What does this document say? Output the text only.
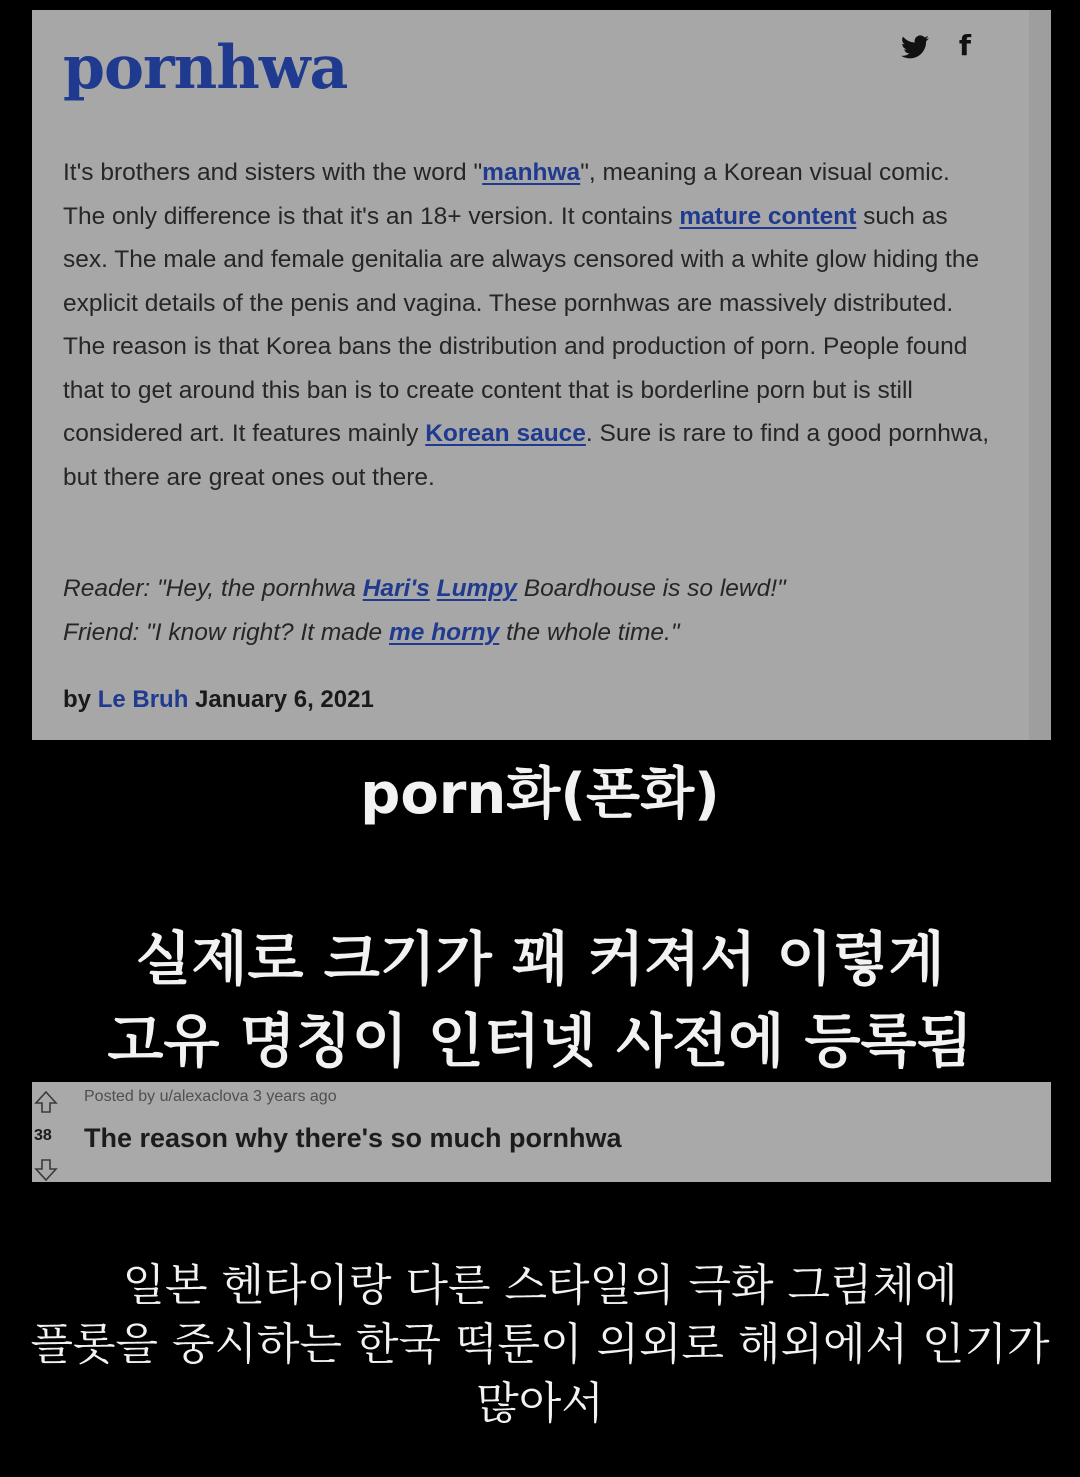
pornhwa	f
It's brothers and sisters with the word "manhwa", meaning a Korean visual comic. The only difference is that it's an 18+ version. It contains mature content such as sex. The male and female genitalia are always censored with a white glow hiding the explicit details of the penis and vagina. These pornhwas are massively distributed. The reason is that Korea bans the distribution and production of porn. People found that to get around this ban is to create content that is borderline porn but is still considered art. It features mainly Korean sauce. Sure is rare to find a good pornhwa, but there are great ones out there.
Reader: "Hey, the pornhwa Hari's Lumpy Boardhouse is so lewd!"
Friend: "I know right? It made me horny the whole time."
by Le Bruh January 6, 2021
porn화(폰화)
실제로 크기가 꽤 커져서 이렇게
고유 명칭이 인터넷 사전에 등록됨
38
Posted by u/alexaclova 3 years ago
The reason why there's so much pornhwa
일본 헨타이랑 다른 스타일의 극화 그림체에
플롯을 중시하는 한국 떡툰이 의외로 해외에서 인기가
많아서
